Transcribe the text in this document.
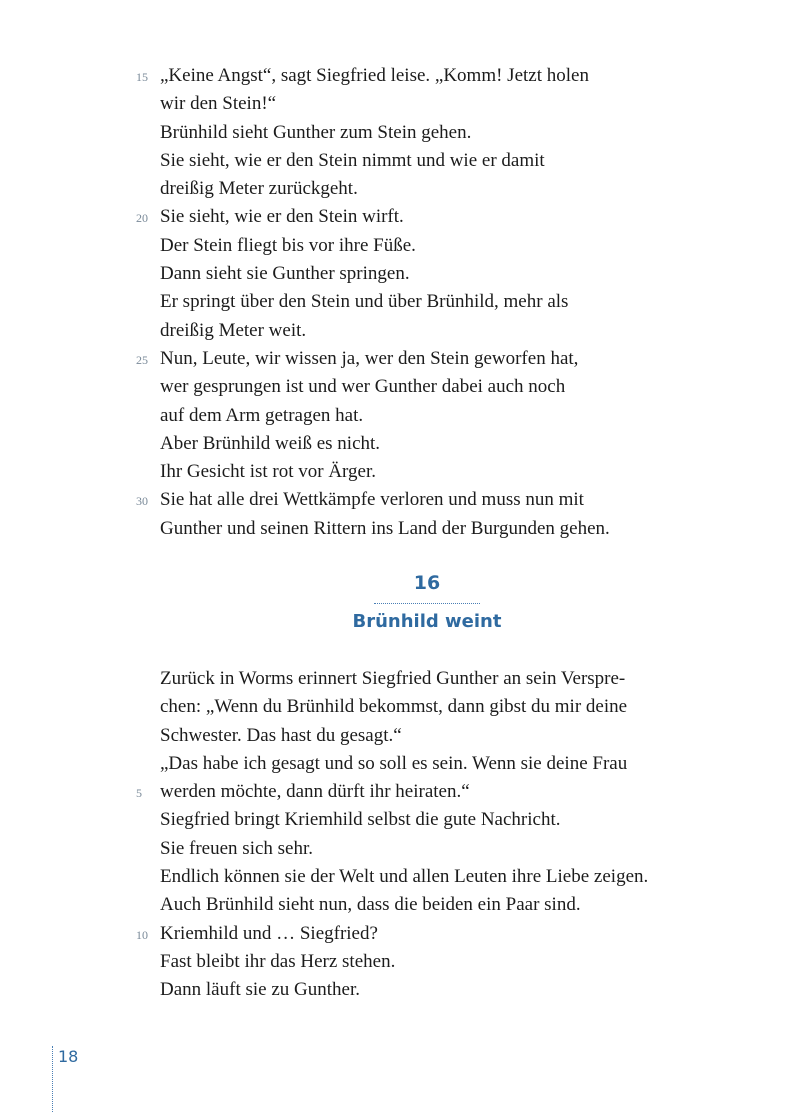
15 „Keine Angst“, sagt Siegfried leise. „Komm! Jetzt holen
wir den Stein!“
Brünhild sieht Gunther zum Stein gehen.
Sie sieht, wie er den Stein nimmt und wie er damit
dreißig Meter zurückgeht.
20 Sie sieht, wie er den Stein wirft.
Der Stein fliegt bis vor ihre Füße.
Dann sieht sie Gunther springen.
Er springt über den Stein und über Brünhild, mehr als
dreißig Meter weit.
25 Nun, Leute, wir wissen ja, wer den Stein geworfen hat,
wer gesprungen ist und wer Gunther dabei auch noch
auf dem Arm getragen hat.
Aber Brünhild weiß es nicht.
Ihr Gesicht ist rot vor Ärger.
30 Sie hat alle drei Wettkämpfe verloren und muss nun mit
Gunther und seinen Rittern ins Land der Burgunden gehen.
16
Brünhild weint
Zurück in Worms erinnert Siegfried Gunther an sein Verspre-
chen: „Wenn du Brünhild bekommst, dann gibst du mir deine
Schwester. Das hast du gesagt.“
„Das habe ich gesagt und so soll es sein. Wenn sie deine Frau
5 werden möchte, dann dürft ihr heiraten.“
Siegfried bringt Kriemhild selbst die gute Nachricht.
Sie freuen sich sehr.
Endlich können sie der Welt und allen Leuten ihre Liebe zeigen.
Auch Brünhild sieht nun, dass die beiden ein Paar sind.
10 Kriemhild und … Siegfried?
Fast bleibt ihr das Herz stehen.
Dann läuft sie zu Gunther.
18
